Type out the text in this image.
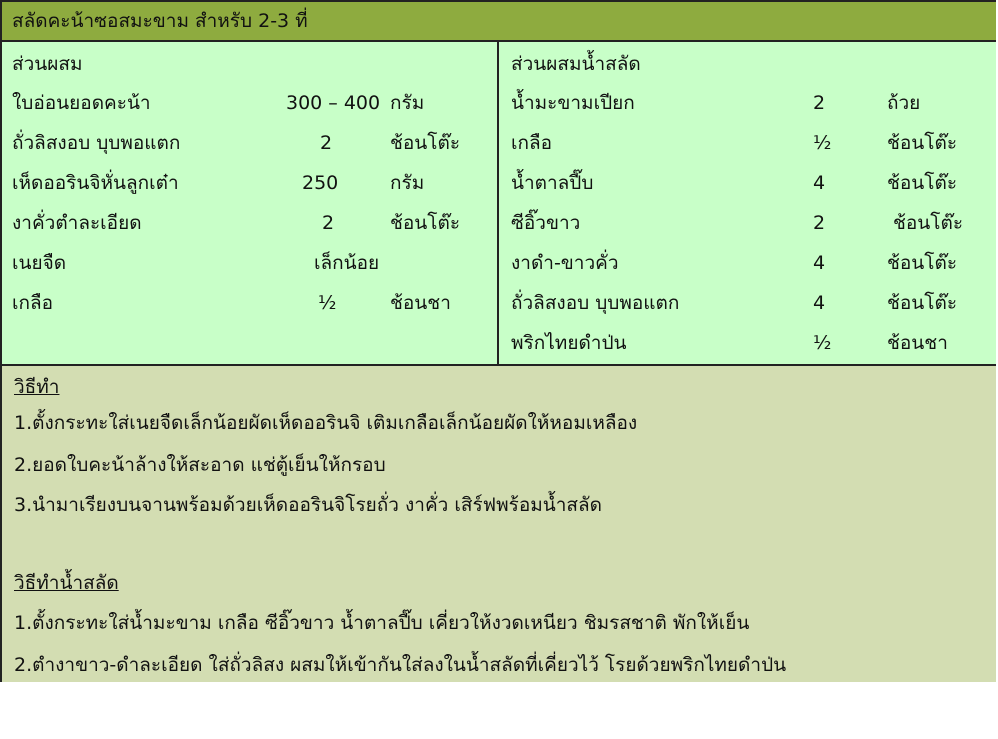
สลัดคะน้าซอสมะขาม สำหรับ 2-3 ที่
ส่วนผสม
ใบอ่อนยอดคะน้า	300 – 400 กรัม
ถั่วลิสงอบ บุบพอแตก	2	ช้อนโต๊ะ
เห็ดออรินจิหั่นลูกเต๋า	250	กรัม
งาคั่วตำละเอียด	2	ช้อนโต๊ะ
เนยจืด	เล็กน้อย
เกลือ	½	ช้อนชา
ส่วนผสมน้ำสลัด
น้ำมะขามเปียก	2	ถ้วย
เกลือ	½	ช้อนโต๊ะ
น้ำตาลปี๊บ	4	ช้อนโต๊ะ
ซีอิ๊วขาว	2	ช้อนโต๊ะ
งาดำ-ขาวคั่ว	4	ช้อนโต๊ะ
ถั่วลิสงอบ บุบพอแตก	4	ช้อนโต๊ะ
พริกไทยดำป่น	½	ช้อนชา
วิธีทำ
1.ตั้งกระทะใส่เนยจืดเล็กน้อยผัดเห็ดออรินจิ เติมเกลือเล็กน้อยผัดให้หอมเหลือง
2.ยอดใบคะน้าล้างให้สะอาด แช่ตู้เย็นให้กรอบ
3.นำมาเรียงบนจานพร้อมด้วยเห็ดออรินจิโรยถั่ว งาคั่ว เสิร์ฟพร้อมน้ำสลัด
วิธีทำน้ำสลัด
1.ตั้งกระทะใส่น้ำมะขาม เกลือ ซีอิ๊วขาว น้ำตาลปี๊บ เคี่ยวให้งวดเหนียว ชิมรสชาติ พักให้เย็น
2.ตำงาขาว-ดำละเอียด ใส่ถั่วลิสง ผสมให้เข้ากันใส่ลงในน้ำสลัดที่เคี่ยวไว้ โรยด้วยพริกไทยดำป่น
